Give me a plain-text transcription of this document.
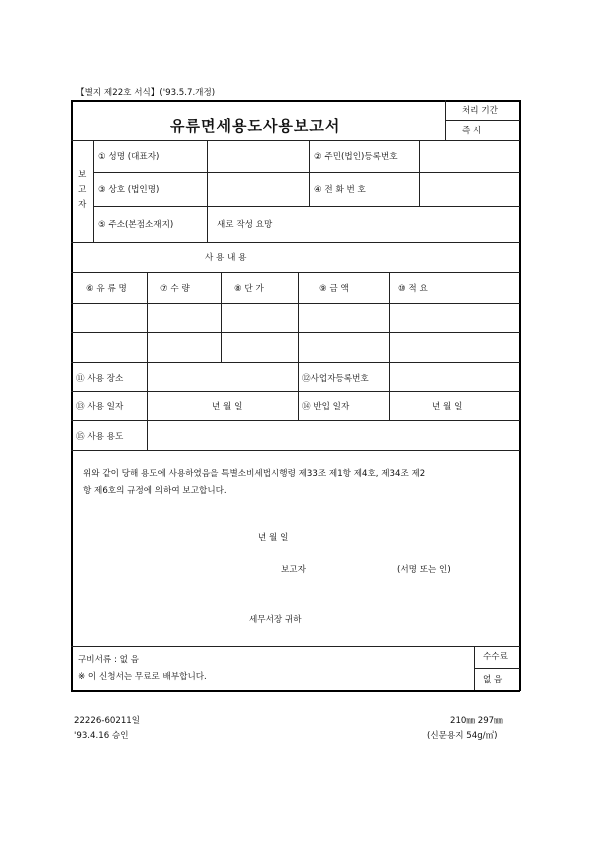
【별지 제22호 서식】('93.5.7.개정)
유류면세용도사용보고서
처리 기간
즉 시
보
고
자
① 성명 (대표자)	② 주민(법인)등록번호
③ 상호 (법인명)	④ 전 화 번 호
⑤ 주소(본점소재지)	새로 작성 요망
사 용 내 용
⑥ 유 류 명	⑦ 수 량	⑧ 단 가	⑨ 금 액	⑩ 적 요
⑪ 사용 장소	⑫사업자등록번호
⑬ 사용 일자	년 월 일	⑭ 반입 일자	년 월 일
⑮ 사용 용도
위와 같이 당해 용도에 사용하였음을 특별소비세법시행령 제33조 제1항 제4호, 제34조 제2
항 제6호의 규정에 의하여 보고합니다.
년 월 일
보고자	(서명 또는 인)
세무서장 귀하
구비서류 : 없 음
※ 이 신청서는 무료로 배부합니다.
수수료
없 음
22226-60211일
'93.4.16 승인
210㎜ 297㎜
(신문용지 54g/㎡)
